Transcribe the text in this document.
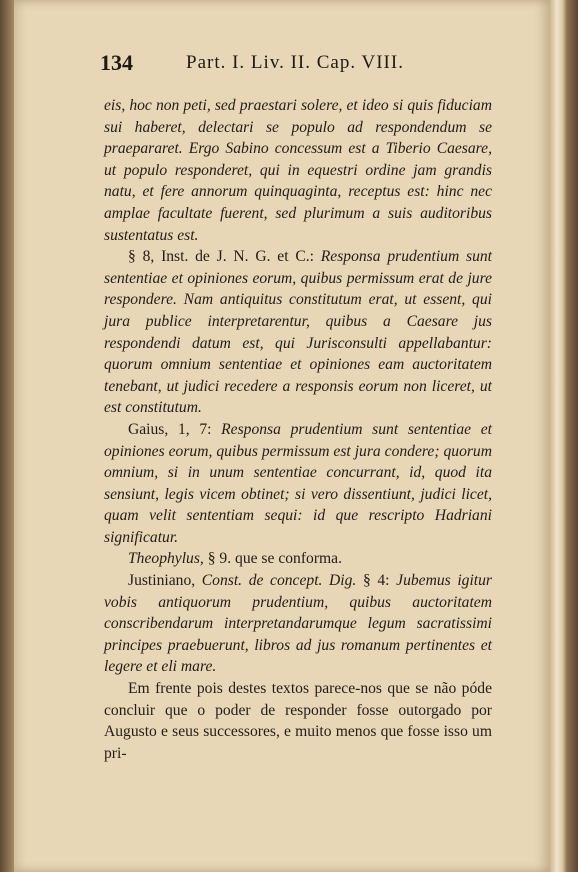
134	Part. I. Liv. II. Cap. VIII.

eis, hoc non peti, sed praestari solere, et ideo si quis fiduciam sui haberet, delectari se populo ad respondendum se praepararet. Ergo Sabino concessum est a Tiberio Caesare, ut populo responderet, qui in equestri ordine jam grandis natu, et fere annorum quinquaginta, receptus est: hinc nec amplae facultate fuerent, sed plurimum a suis auditoribus sustentatus est.

§ 8, Inst. de J. N. G. et C.: Responsa prudentium sunt sententiae et opiniones eorum, quibus permissum erat de jure respondere. Nam antiquitus constitutum erat, ut essent, qui jura publice interpretarentur, quibus a Caesare jus respondendi datum est, qui Jurisconsulti appellabantur: quorum omnium sententiae et opiniones eam auctoritatem tenebant, ut judici recedere a responsis eorum non liceret, ut est constitutum.

Gaius, 1, 7: Responsa prudentium sunt sententiae et opiniones eorum, quibus permissum est jura condere; quorum omnium, si in unum sententiae concurrant, id, quod ita sensiunt, legis vicem obtinet; si vero dissentiunt, judici licet, quam velit sententiam sequi: id que rescripto Hadriani significatur.

Theophylus, § 9. que se conforma.

Justiniano, Const. de concept. Dig. § 4: Jubemus igitur vobis antiquorum prudentium, quibus auctoritatem conscribendarum interpretandarumque legum sacratissimi principes praebuerunt, libros ad jus romanum pertinentes et legere et eli mare.

Em frente pois destes textos parece-nos que se não póde concluir que o poder de responder fosse outorgado por Augusto e seus successores, e muito menos que fosse isso um pri-
